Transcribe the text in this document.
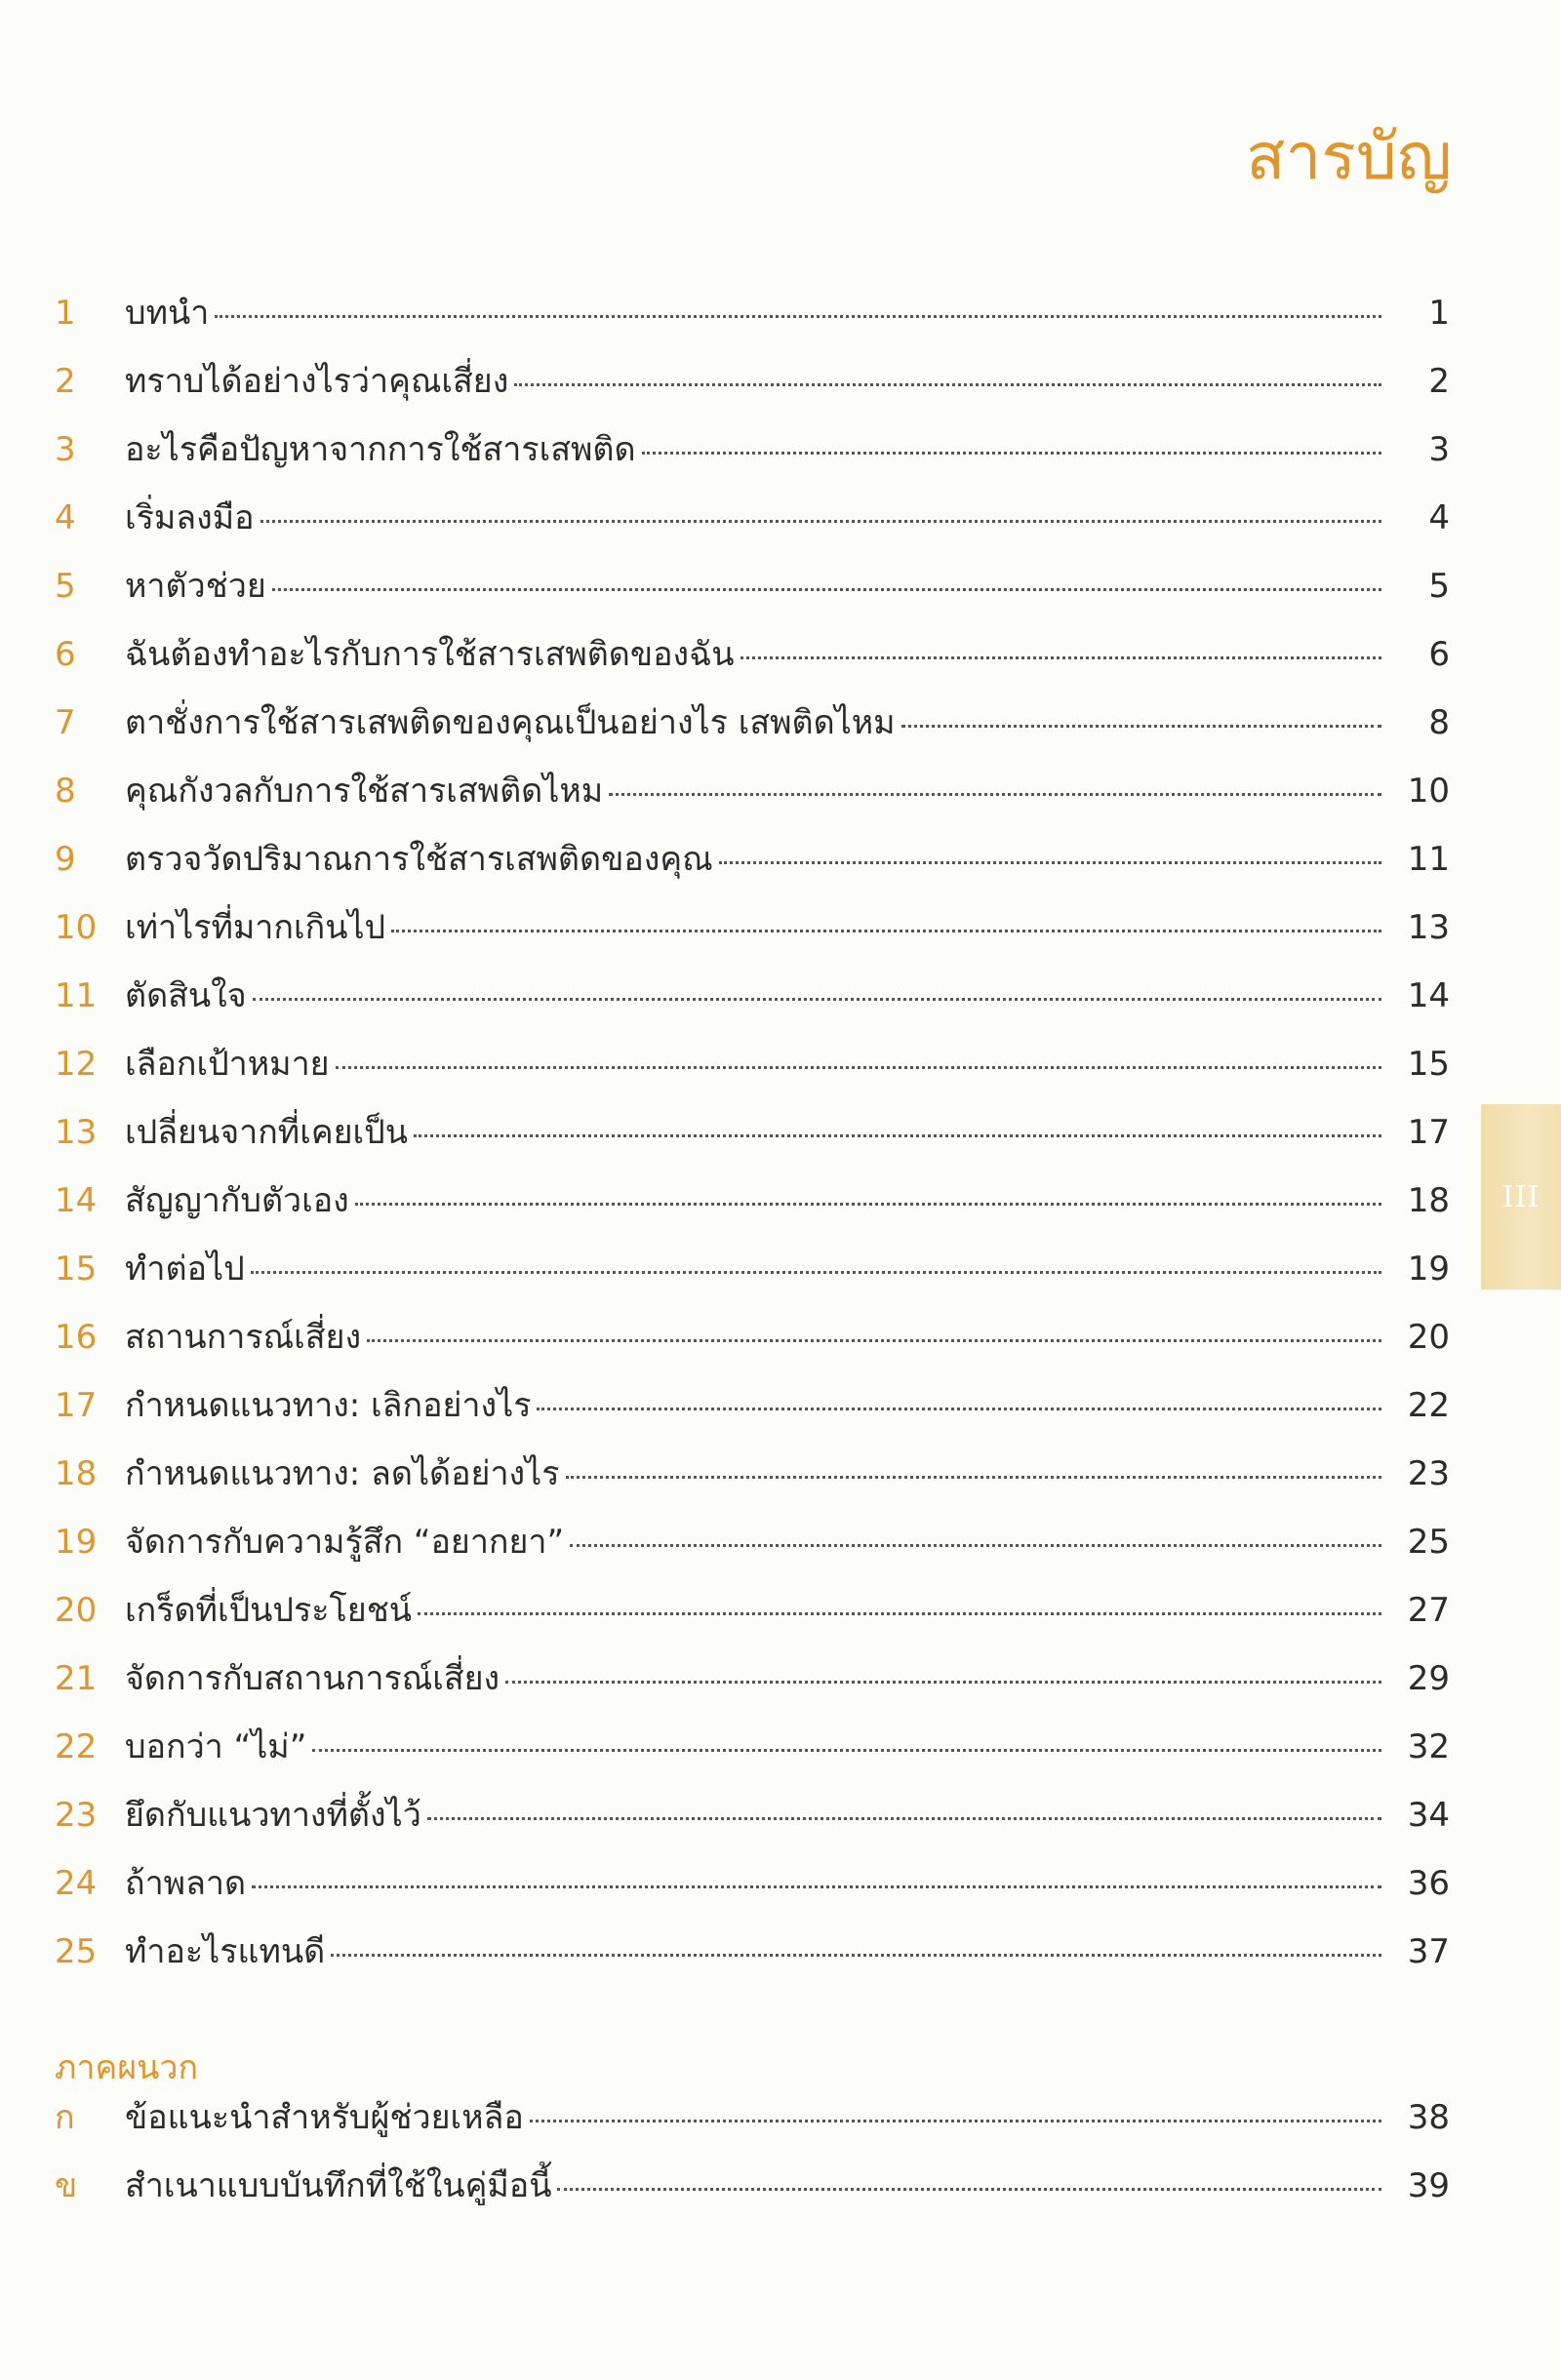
สารบัญ
1	บทนำ	1
2	ทราบได้อย่างไรว่าคุณเสี่ยง	2
3	อะไรคือปัญหาจากการใช้สารเสพติด	3
4	เริ่มลงมือ	4
5	หาตัวช่วย	5
6	ฉันต้องทำอะไรกับการใช้สารเสพติดของฉัน	6
7	ตาชั่งการใช้สารเสพติดของคุณเป็นอย่างไร เสพติดไหม	8
8	คุณกังวลกับการใช้สารเสพติดไหม	10
9	ตรวจวัดปริมาณการใช้สารเสพติดของคุณ	11
10 เท่าไรที่มากเกินไป	13
11 ตัดสินใจ	14
12 เลือกเป้าหมาย	15
13 เปลี่ยนจากที่เคยเป็น	17
14 สัญญากับตัวเอง	18
15 ทำต่อไป	19
16 สถานการณ์เสี่ยง	20
17 กำหนดแนวทาง: เลิกอย่างไร	22
18 กำหนดแนวทาง: ลดได้อย่างไร	23
19 จัดการกับความรู้สึก “อยากยา”	25
20 เกร็ดที่เป็นประโยชน์	27
21 จัดการกับสถานการณ์เสี่ยง	29
22 บอกว่า “ไม่”	32
23 ยึดกับแนวทางที่ตั้งไว้	34
24 ถ้าพลาด	36
25 ทำอะไรแทนดี	37
ภาคผนวก
ก	ข้อแนะนำสำหรับผู้ช่วยเหลือ	38
ข	สำเนาแบบบันทึกที่ใช้ในคู่มือนี้	39
III
